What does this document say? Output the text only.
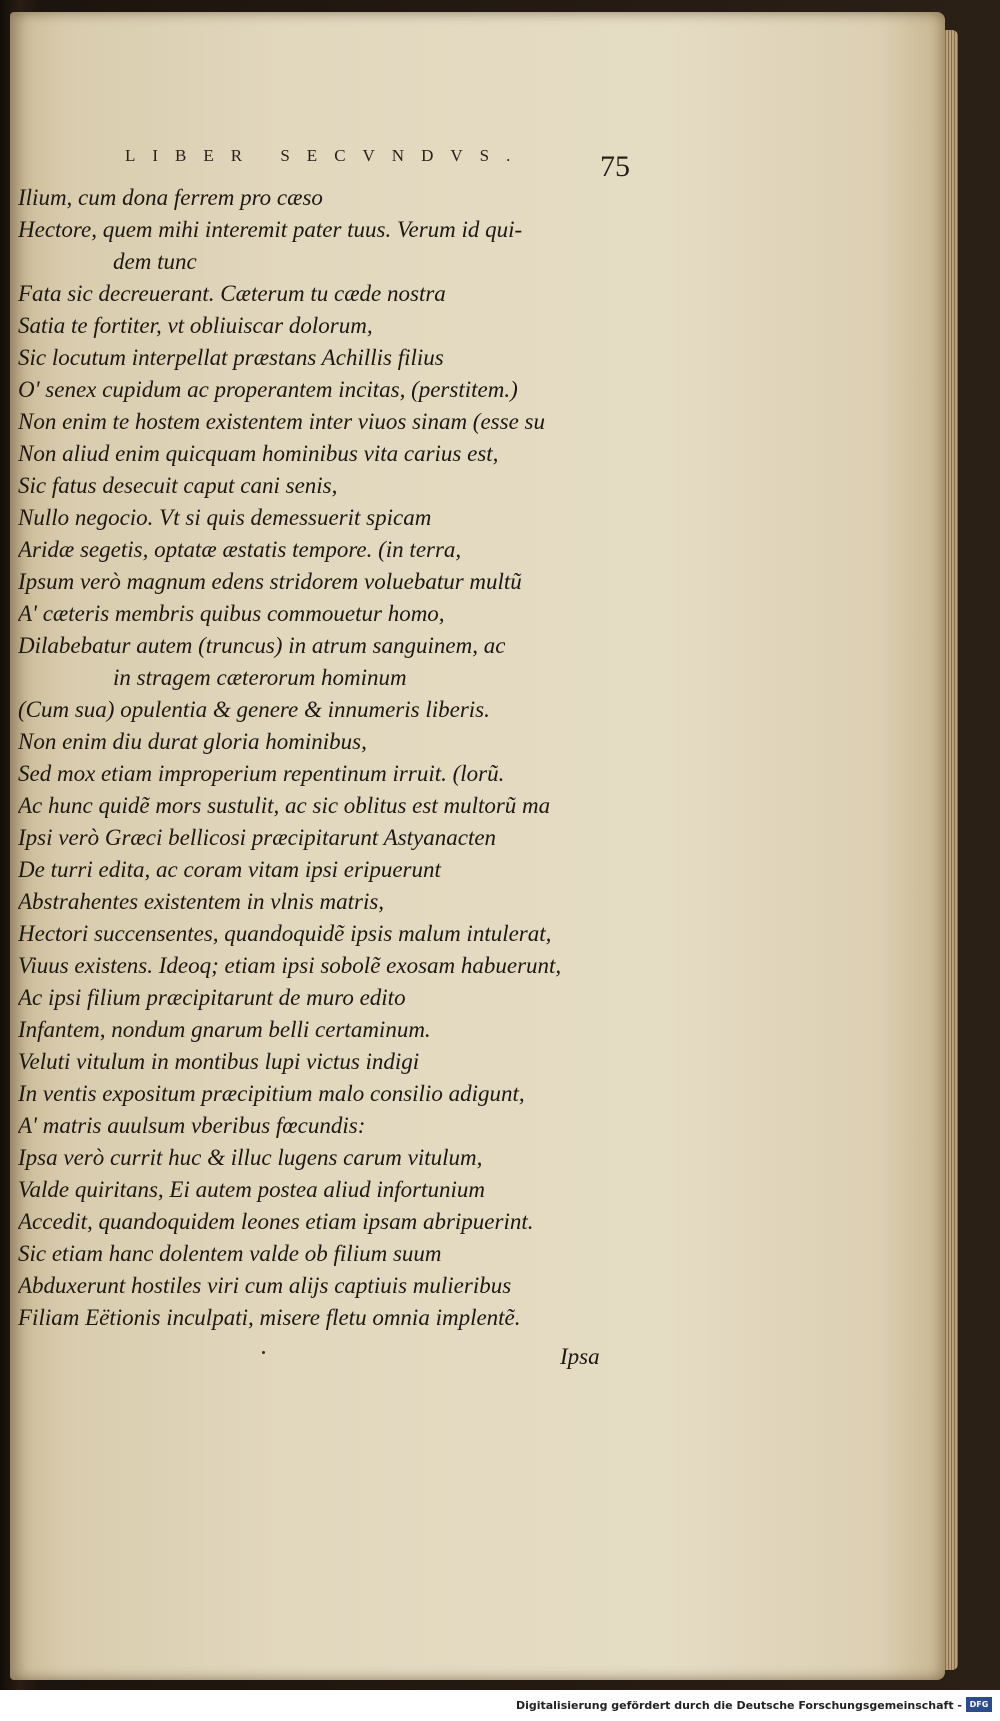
LIBER SECVNDVS.	75
Ilium, cum dona ferrem pro cæso
Hectore, quem mihi interemit pater tuus. Verum id qui-
dem tunc
Fata sic decreuerant. Cæterum tu cæde nostra
Satia te fortiter, vt obliuiscar dolorum,
Sic locutum interpellat præstans Achillis filius
O' senex cupidum ac properantem incitas, (perstitem.)
Non enim te hostem existentem inter viuos sinam (esse su
Non aliud enim quicquam hominibus vita carius est,
Sic fatus desecuit caput cani senis,
Nullo negocio. Vt si quis demessuerit spicam
Aridæ segetis, optatæ æstatis tempore. (in terra,
Ipsum verò magnum edens stridorem voluebatur multũ
A' cæteris membris quibus commouetur homo,
Dilabebatur autem (truncus) in atrum sanguinem, ac
in stragem cæterorum hominum
(Cum sua) opulentia & genere & innumeris liberis.
Non enim diu durat gloria hominibus,
Sed mox etiam improperium repentinum irruit. (lorũ.
Ac hunc quidẽ mors sustulit, ac sic oblitus est multorũ ma
Ipsi verò Græci bellicosi præcipitarunt Astyanacten
De turri edita, ac coram vitam ipsi eripuerunt
Abstrahentes existentem in vlnis matris,
Hectori succensentes, quandoquidẽ ipsis malum intulerat,
Viuus existens. Ideoq; etiam ipsi sobolẽ exosam habuerunt,
Ac ipsi filium præcipitarunt de muro edito
Infantem, nondum gnarum belli certaminum.
Veluti vitulum in montibus lupi victus indigi
In ventis expositum præcipitium malo consilio adigunt,
A' matris auulsum vberibus fœcundis:
Ipsa verò currit huc & illuc lugens carum vitulum,
Valde quiritans, Ei autem postea aliud infortunium
Accedit, quandoquidem leones etiam ipsam abripuerint.
Sic etiam hanc dolentem valde ob filium suum
Abduxerunt hostiles viri cum alijs captiuis mulieribus
Filiam Eëtionis inculpati, misere fletu omnia implentẽ.
Ipsa
Digitalisierung gefördert durch die Deutsche Forschungsgemeinschaft - DFG
